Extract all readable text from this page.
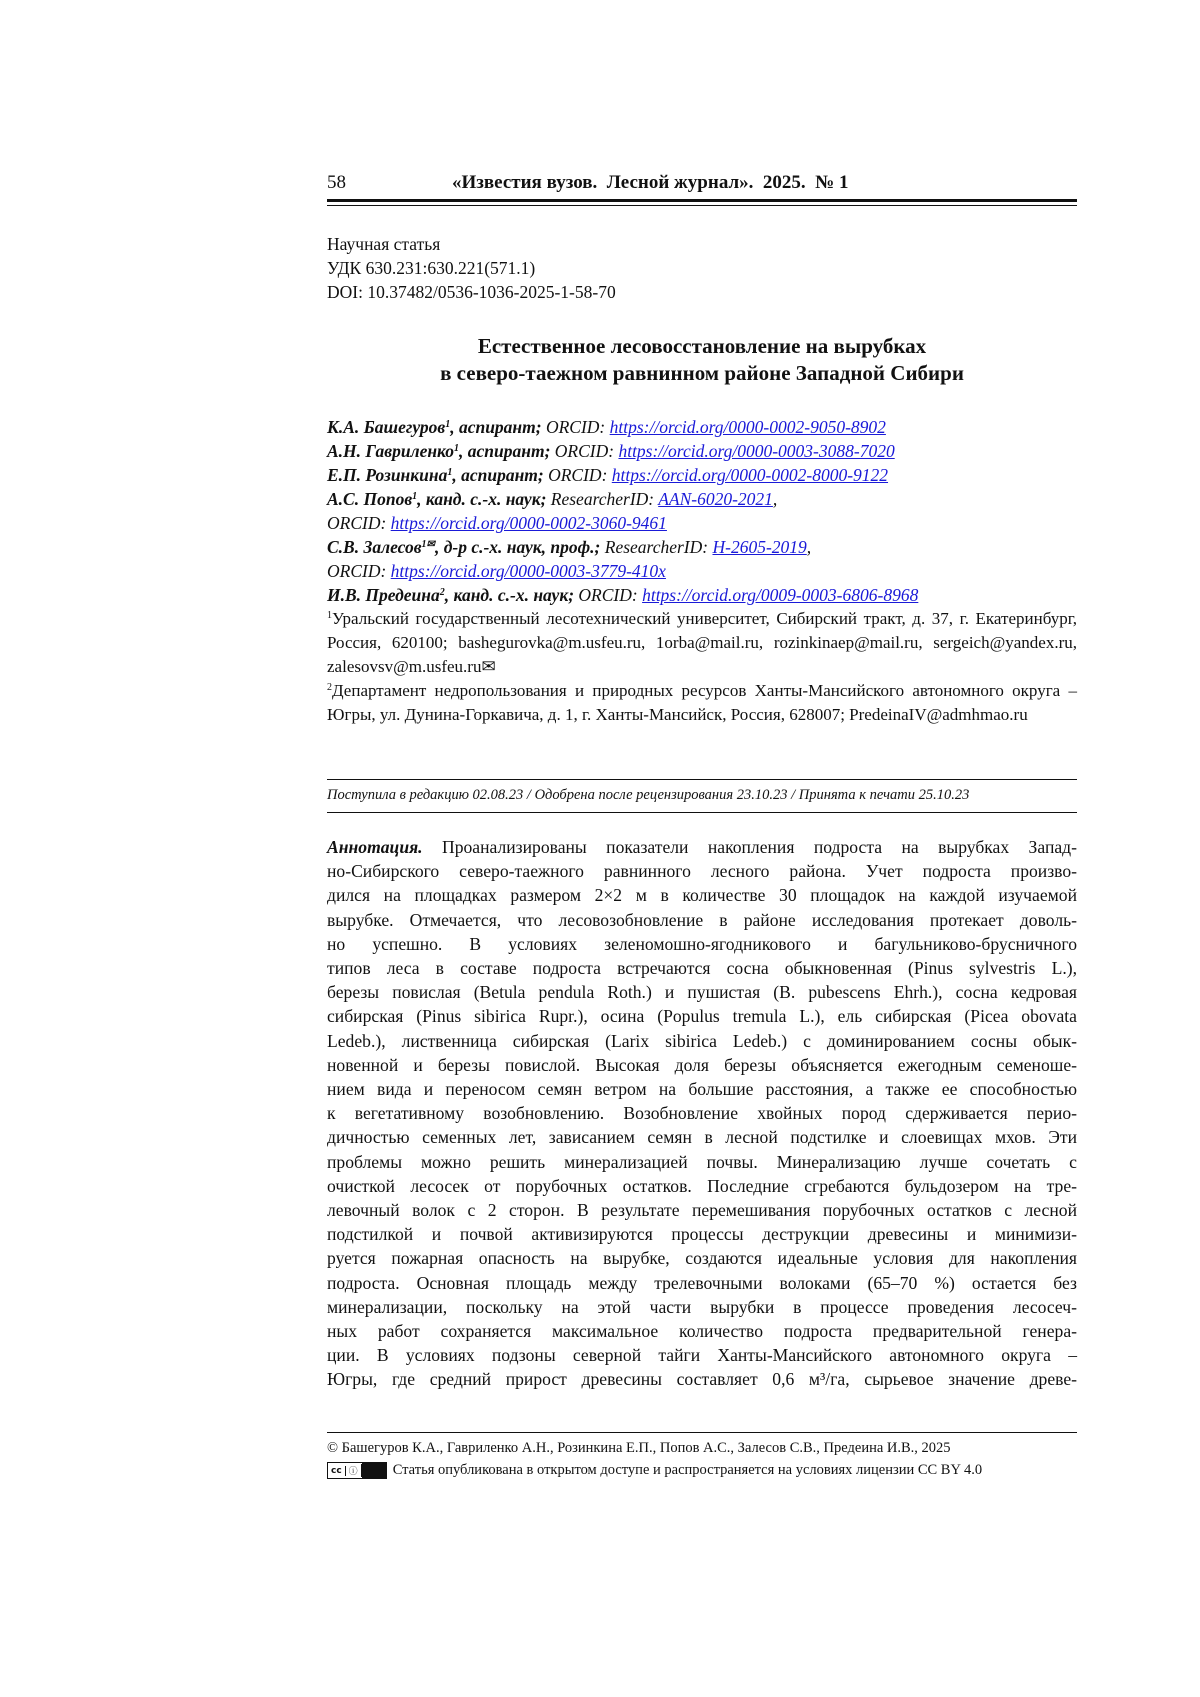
58	«Известия вузов.  Лесной журнал».  2025.  № 1
Научная статья
УДК 630.231:630.221(571.1)
DOI: 10.37482/0536-1036-2025-1-58-70
Естественное лесовосстановление на вырубках
в северо-таежном равнинном районе Западной Сибири
К.А. Башегуров$^1$, аспирант; ORCID: https://orcid.org/0000-0002-9050-8902
А.Н. Гавриленко$^1$, аспирант; ORCID: https://orcid.org/0000-0003-3088-7020
Е.П. Розинкина$^1$, аспирант; ORCID: https://orcid.org/0000-0002-8000-9122
А.С. Попов$^1$, канд. с.-х. наук; ResearcherID: AAN-6020-2021,
ORCID: https://orcid.org/0000-0002-3060-9461
С.В. Залесов$^{1✉}$, д-р с.-х. наук, проф.; ResearcherID: H-2605-2019,
ORCID: https://orcid.org/0000-0003-3779-410x
И.В. Предеина$^2$, канд. с.-х. наук; ORCID: https://orcid.org/0009-0003-6806-8968

$^1$Уральский государственный лесотехнический университет, Сибирский тракт, д. 37, г. Екатеринбург, Россия, 620100; bashegurovka@m.usfeu.ru, 1orba@mail.ru, rozinkinaep@mail.ru, sergeich@yandex.ru, zalesovsv@m.usfeu.ru✉

$^2$Департамент недропользования и природных ресурсов Ханты-Мансийского автономного округа – Югры, ул. Дунина-Горкавича, д. 1, г. Ханты-Мансийск, Россия, 628007; PredeinaIV@admhmao.ru

Поступила в редакцию 02.08.23 / Одобрена после рецензирования 23.10.23 / Принята к печати 25.10.23
Аннотация. Проанализированы показатели накопления подроста на вырубках Запад-
но-Сибирского северо-таежного равнинного лесного района. Учет подроста произво-
дился на площадках размером 2×2 м в количестве 30 площадок на каждой изучаемой
вырубке. Отмечается, что лесовозобновление в районе исследования протекает доволь-
но успешно. В условиях зеленомошно-ягодникового и багульниково-брусничного
типов леса в составе подроста встречаются сосна обыкновенная (Pinus sylvestris L.),
березы повислая (Betula pendula Roth.) и пушистая (B. pubescens Ehrh.), сосна кедровая
сибирская (Pinus sibirica Rupr.), осина (Populus tremula L.), ель сибирская (Picea obovata
Ledeb.), лиственница сибирская (Larix sibirica Ledeb.) с доминированием сосны обык-
новенной и березы повислой. Высокая доля березы объясняется ежегодным семеноше-
нием вида и переносом семян ветром на большие расстояния, а также ее способностью
к вегетативному возобновлению. Возобновление хвойных пород сдерживается перио-
дичностью семенных лет, зависанием семян в лесной подстилке и слоевищах мхов. Эти
проблемы можно решить минерализацией почвы. Минерализацию лучше сочетать с
очисткой лесосек от порубочных остатков. Последние сгребаются бульдозером на тре-
левочный волок с 2 сторон. В результате перемешивания порубочных остатков с лесной
подстилкой и почвой активизируются процессы деструкции древесины и минимизи-
руется пожарная опасность на вырубке, создаются идеальные условия для накопления
подроста. Основная площадь между трелевочными волоками (65–70 %) остается без
минерализации, поскольку на этой части вырубки в процессе проведения лесосеч-
ных работ сохраняется максимальное количество подроста предварительной генера-
ции. В условиях подзоны северной тайги Ханты-Мансийского автономного округа –
Югры, где средний прирост древесины составляет 0,6 м³/га, сырьевое значение древе-
© Башегуров К.А., Гавриленко А.Н., Розинкина Е.П., Попов А.С., Залесов С.В., Предеина И.В., 2025
cc ⓘ Статья опубликована в открытом доступе и распространяется на условиях лицензии CC BY 4.0
